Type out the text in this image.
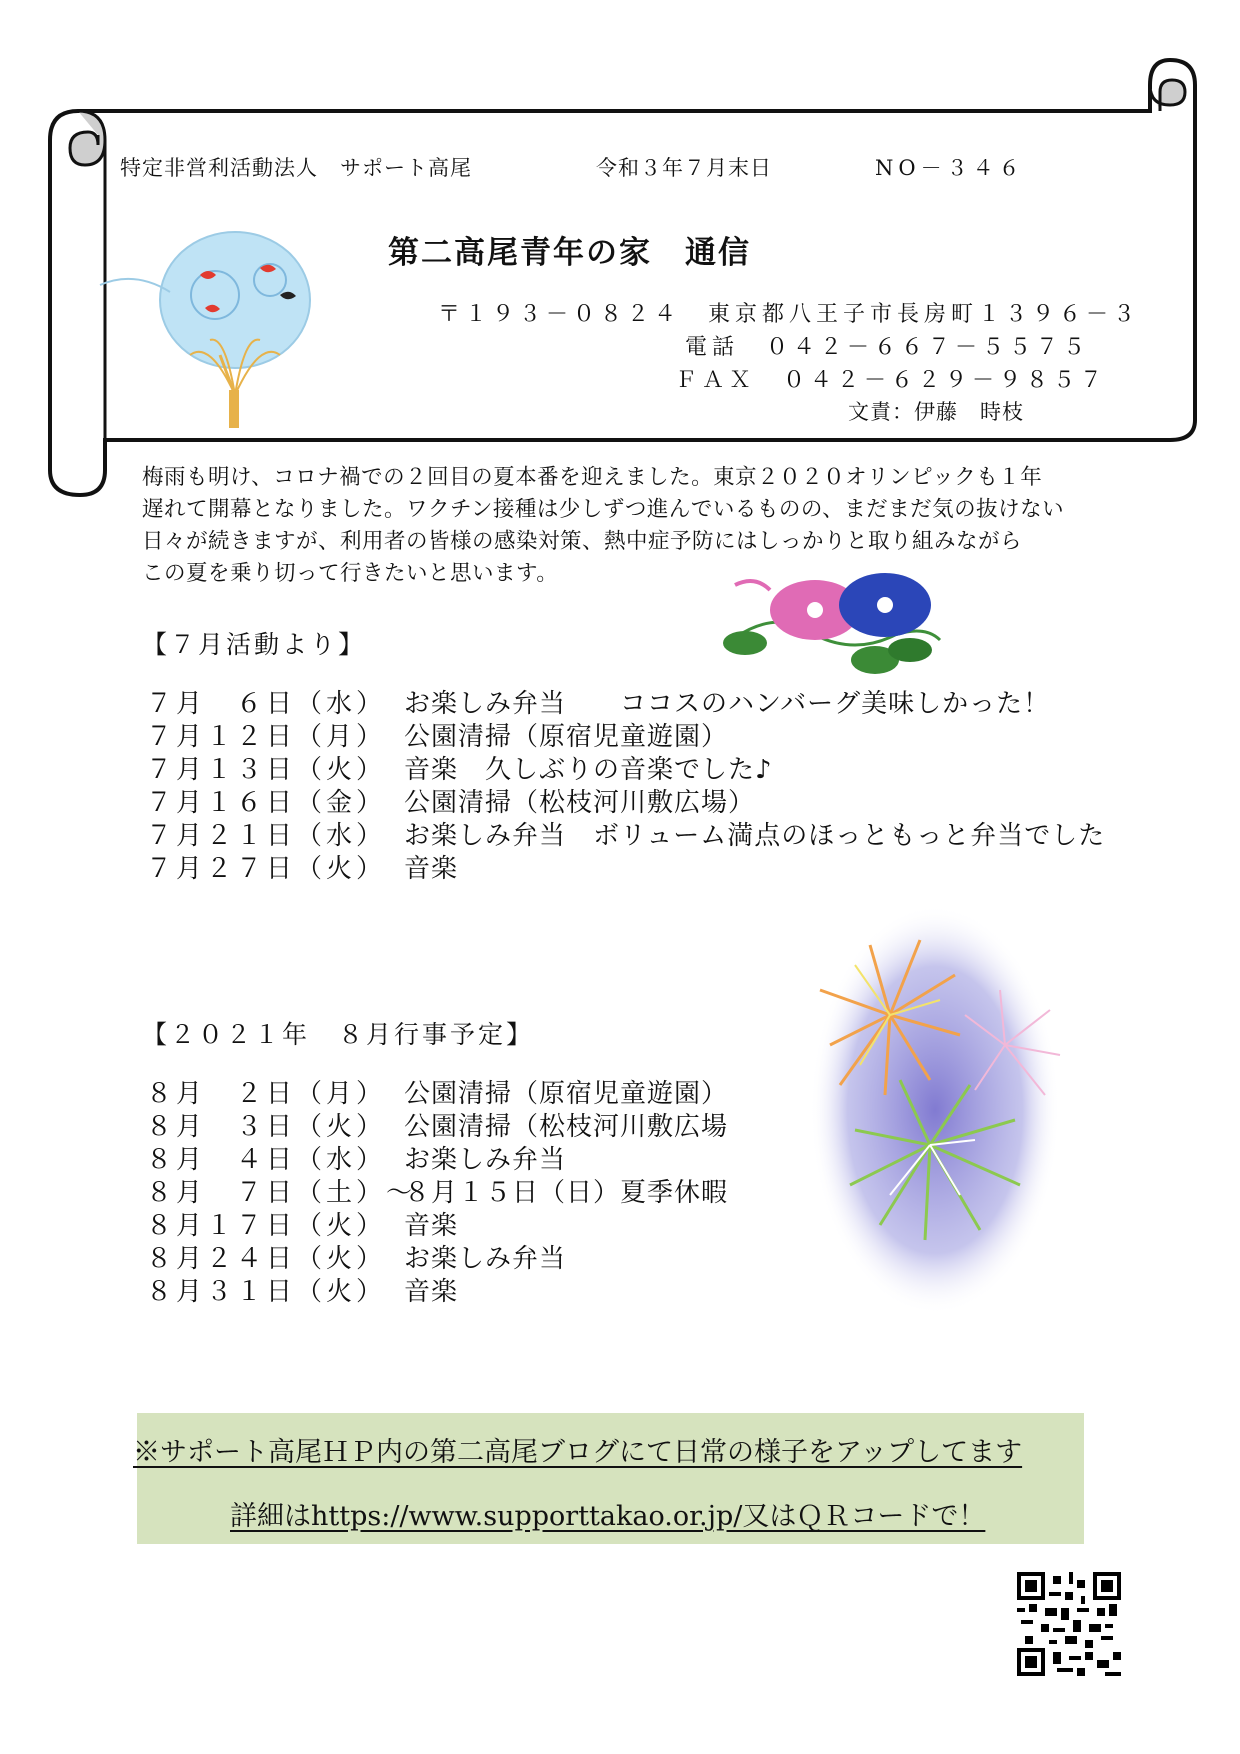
特定非営利活動法人　サポート高尾	令和３年７月末日	NO－３４６
第二高尾青年の家　通信
〒１９３－０８２４　東京都八王子市長房町１３９６－３
電話　０４２－６６７－５５７５
ＦＡＸ　０４２－６２９－９８５７
文責：伊藤　時枝
梅雨も明け、コロナ禍での２回目の夏本番を迎えました。東京２０２０オリンピックも１年
遅れて開幕となりました。ワクチン接種は少しずつ進んでいるものの、まだまだ気の抜けない
日々が続きますが、利用者の皆様の感染対策、熱中症予防にはしっかりと取り組みながら
この夏を乗り切って行きたいと思います。
【７月活動より】
７月　６日（水） お楽しみ弁当　　ココスのハンバーグ美味しかった！
７月１２日（月） 公園清掃（原宿児童遊園）
７月１３日（火） 音楽　久しぶりの音楽でした♪
７月１６日（金） 公園清掃（松枝河川敷広場）
７月２１日（水） お楽しみ弁当　ボリューム満点のほっともっと弁当でした
７月２７日（火） 音楽
【２０２１年　８月行事予定】
８月　２日（月） 公園清掃（原宿児童遊園）
８月　３日（火） 公園清掃（松枝河川敷広場
８月　４日（水） お楽しみ弁当
８月　７日（土）～８月１５日（日）夏季休暇
８月１７日（火） 音楽
８月２４日（火） お楽しみ弁当
８月３１日（火） 音楽
※サポート高尾ＨＰ内の第二高尾ブログにて日常の様子をアップしてます
詳細はhttps://www.supporttakao.or.jp/又はＱＲコードで！
